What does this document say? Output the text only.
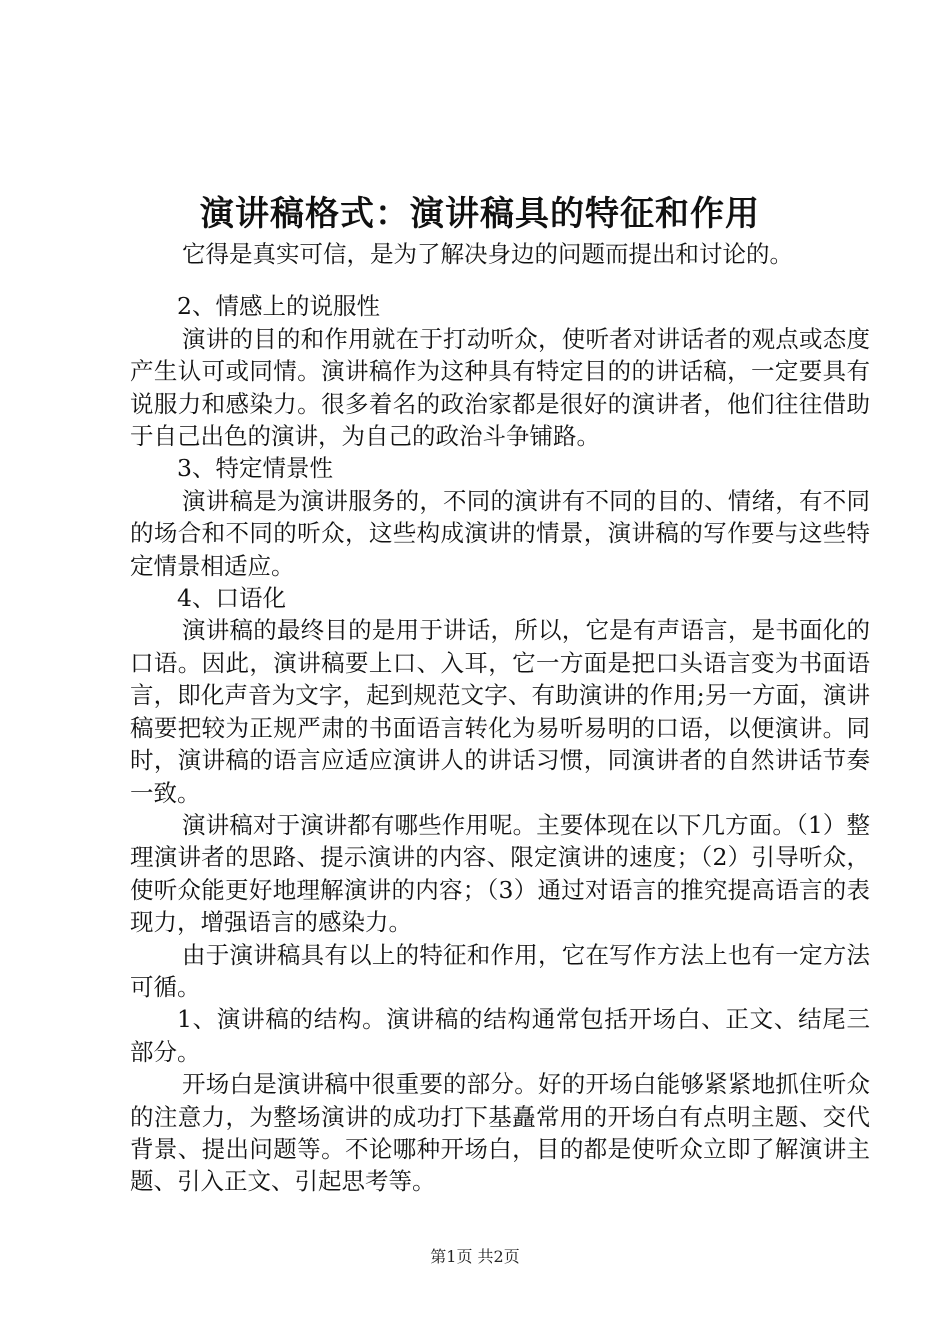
演讲稿格式：演讲稿具的特征和作用

它得是真实可信，是为了解决身边的问题而提出和讨论的。

2、情感上的说服性

演讲的目的和作用就在于打动听众，使听者对讲话者的观点或态度产生认可或同情。演讲稿作为这种具有特定目的的讲话稿，一定要具有说服力和感染力。很多着名的政治家都是很好的演讲者，他们往往借助于自己出色的演讲，为自己的政治斗争铺路。

3、特定情景性

演讲稿是为演讲服务的，不同的演讲有不同的目的、情绪，有不同的场合和不同的听众，这些构成演讲的情景，演讲稿的写作要与这些特定情景相适应。

4、口语化

演讲稿的最终目的是用于讲话，所以，它是有声语言，是书面化的口语。因此，演讲稿要上口、入耳，它一方面是把口头语言变为书面语言，即化声音为文字，起到规范文字、有助演讲的作用;另一方面，演讲稿要把较为正规严肃的书面语言转化为易听易明的口语，以便演讲。同时，演讲稿的语言应适应演讲人的讲话习惯，同演讲者的自然讲话节奏一致。

演讲稿对于演讲都有哪些作用呢。主要体现在以下几方面。（1）整理演讲者的思路、提示演讲的内容、限定演讲的速度；（2）引导听众，使听众能更好地理解演讲的内容；（3）通过对语言的推究提高语言的表现力，增强语言的感染力。

由于演讲稿具有以上的特征和作用，它在写作方法上也有一定方法可循。

1、演讲稿的结构。演讲稿的结构通常包括开场白、正文、结尾三部分。

开场白是演讲稿中很重要的部分。好的开场白能够紧紧地抓住听众的注意力，为整场演讲的成功打下基矗常用的开场白有点明主题、交代背景、提出问题等。不论哪种开场白，目的都是使听众立即了解演讲主题、引入正文、引起思考等。

第1页 共2页
